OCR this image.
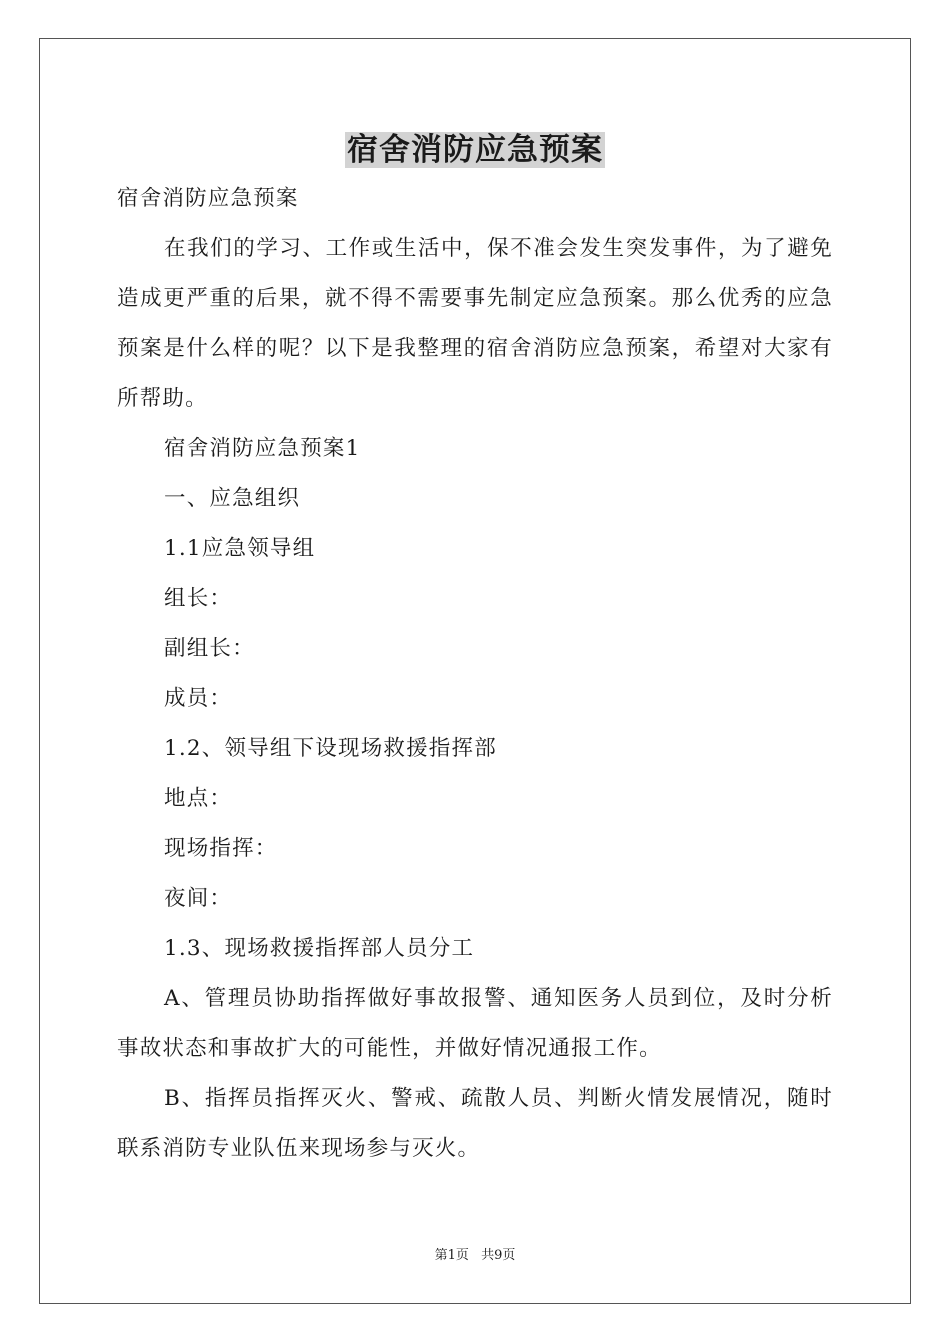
宿舍消防应急预案

宿舍消防应急预案

在我们的学习、工作或生活中，保不准会发生突发事件，为了避免造成更严重的后果，就不得不需要事先制定应急预案。那么优秀的应急预案是什么样的呢？以下是我整理的宿舍消防应急预案，希望对大家有所帮助。

宿舍消防应急预案1

一、应急组织

1.1应急领导组

组长：

副组长：

成员：

1.2、领导组下设现场救援指挥部

地点：

现场指挥：

夜间：

1.3、现场救援指挥部人员分工

A、管理员协助指挥做好事故报警、通知医务人员到位，及时分析事故状态和事故扩大的可能性，并做好情况通报工作。

B、指挥员指挥灭火、警戒、疏散人员、判断火情发展情况，随时联系消防专业队伍来现场参与灭火。

第1页 共9页
